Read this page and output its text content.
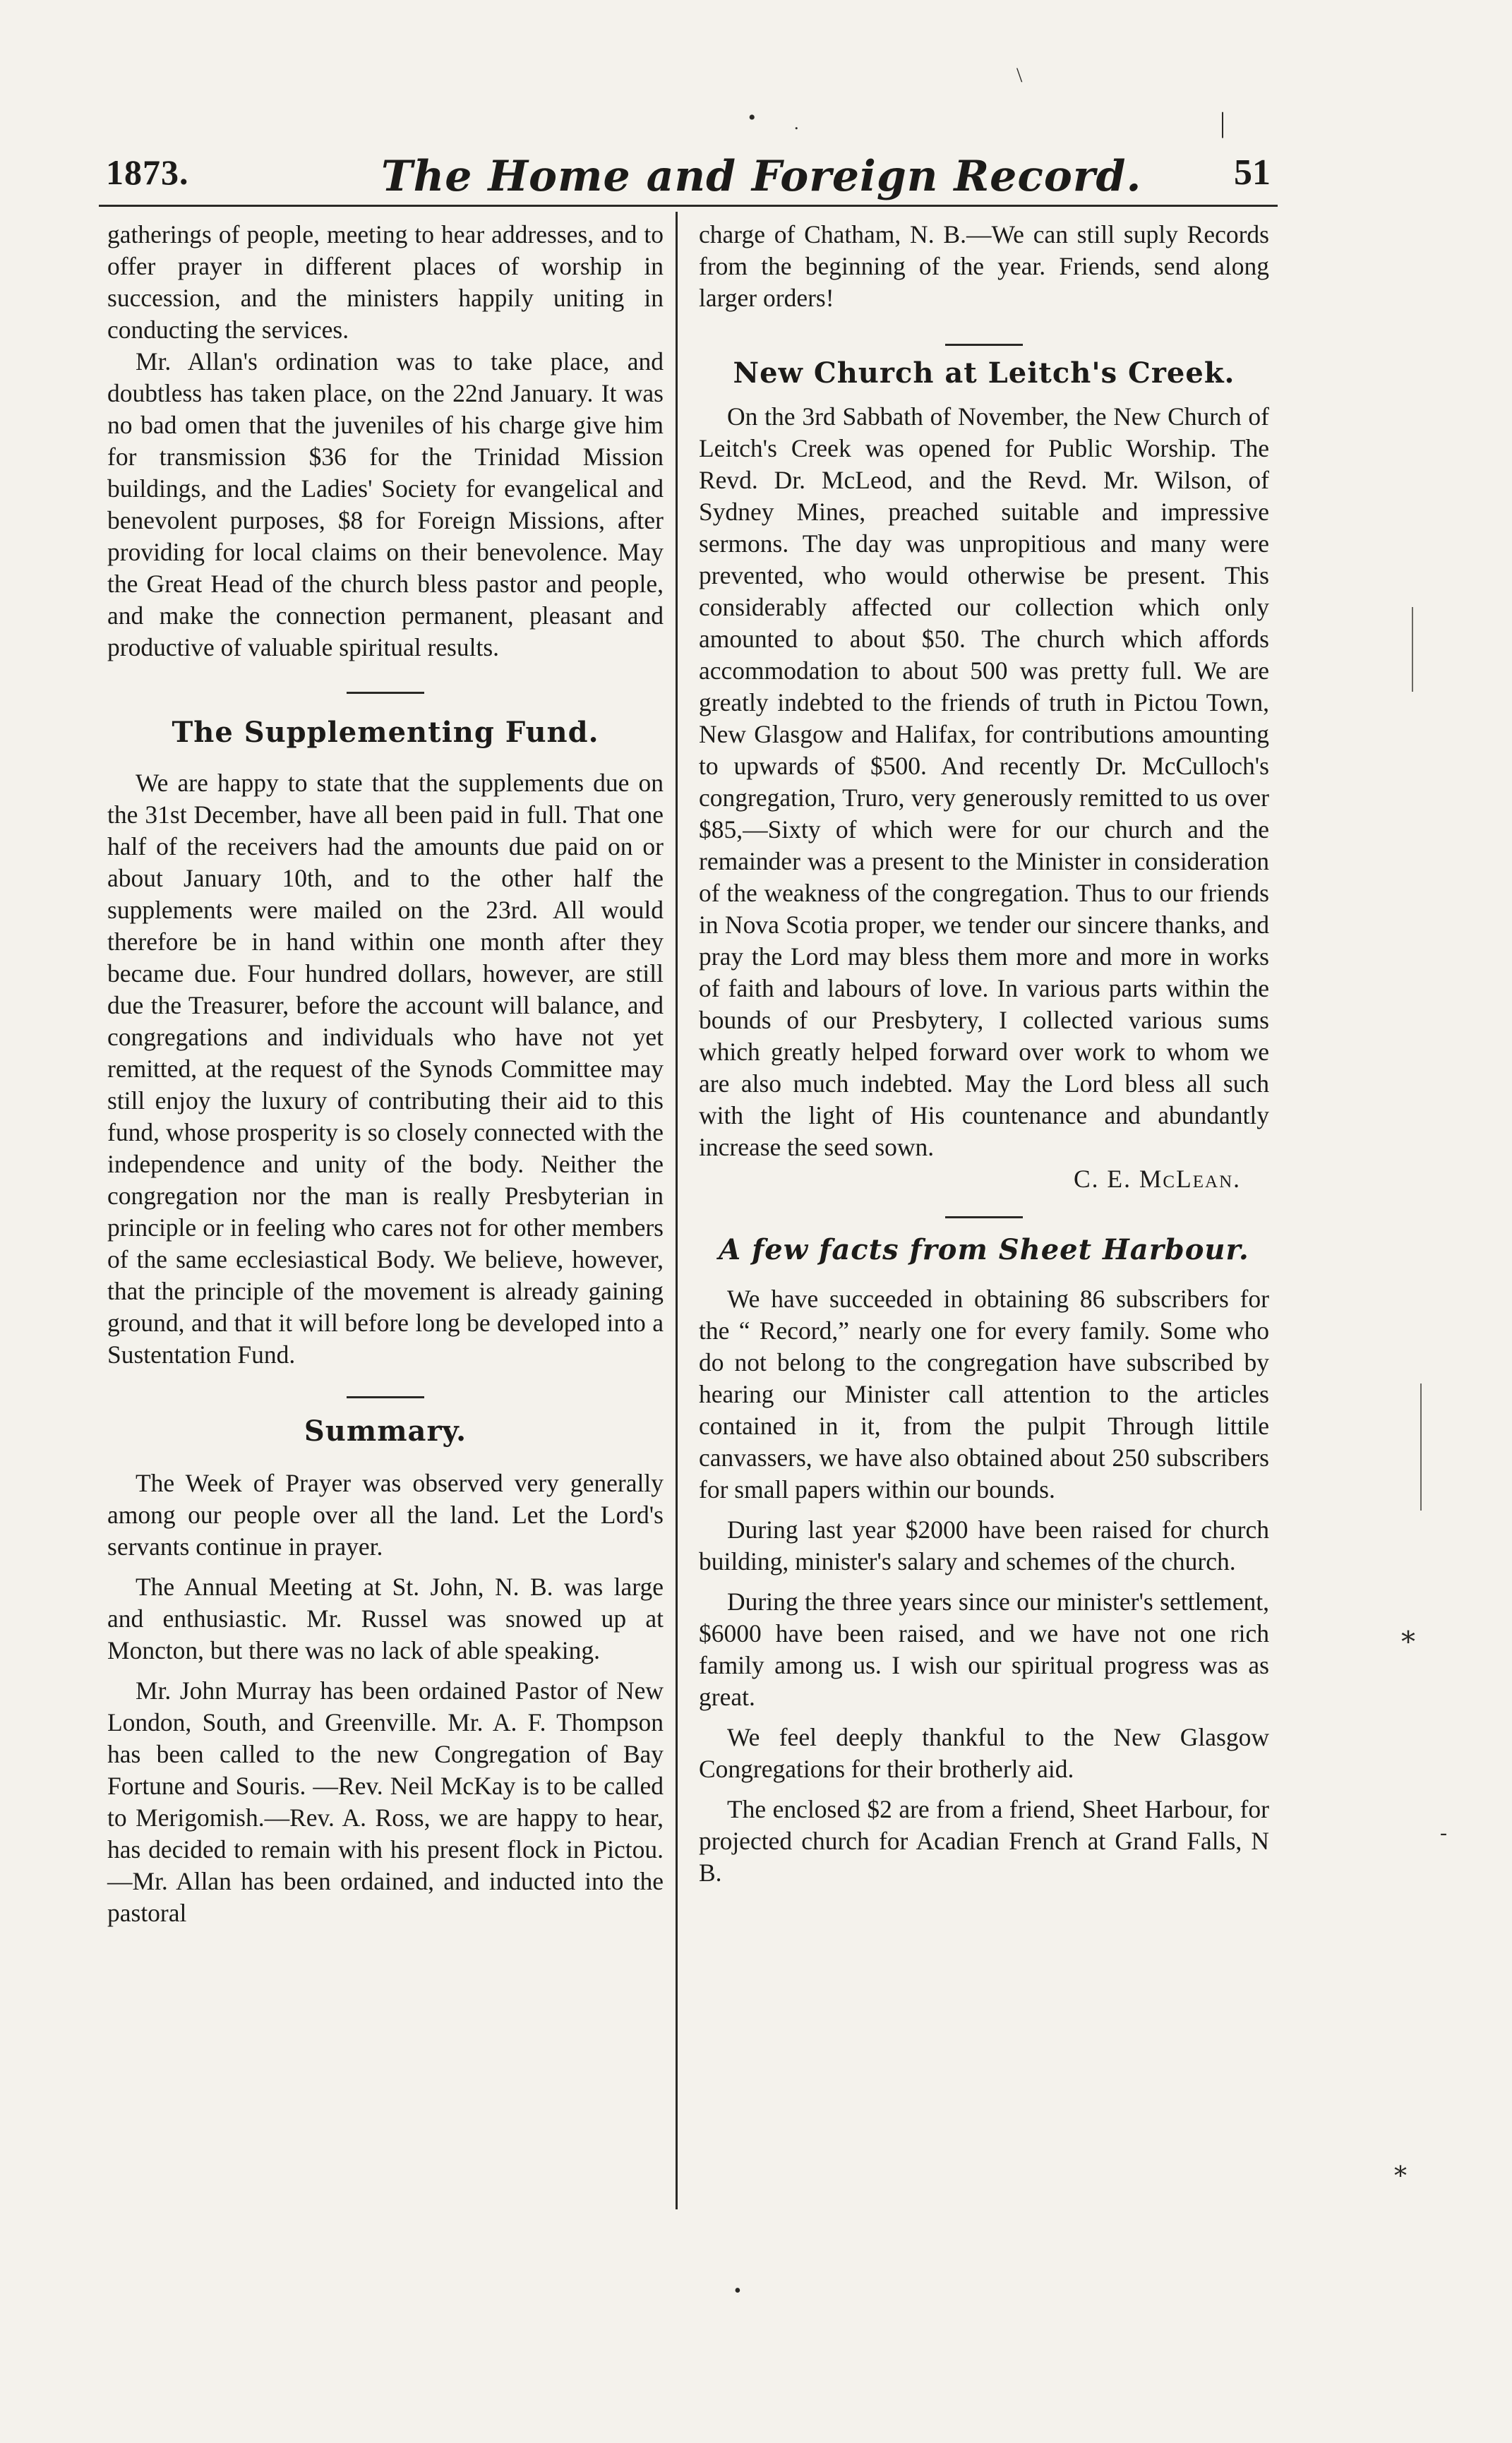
\
• .	|
⁎
-
⁎
•
1873.	The Home and Foreign Record.	51

gatherings of people, meeting to hear addresses, and to offer prayer in different places of worship in succession, and the ministers happily uniting in conducting the services.

Mr. Allan's ordination was to take place, and doubtless has taken place, on the 22nd January. It was no bad omen that the juveniles of his charge give him for transmission $36 for the Trinidad Mission buildings, and the Ladies' Society for evangelical and benevolent purposes, $8 for Foreign Missions, after providing for local claims on their benevolence. May the Great Head of the church bless pastor and people, and make the connection permanent, pleasant and productive of valuable spiritual results.

The Supplementing Fund.

We are happy to state that the supplements due on the 31st December, have all been paid in full. That one half of the receivers had the amounts due paid on or about January 10th, and to the other half the supplements were mailed on the 23rd. All would therefore be in hand within one month after they became due. Four hundred dollars, however, are still due the Treasurer, before the account will balance, and congregations and individuals who have not yet remitted, at the request of the Synods Committee may still enjoy the luxury of contributing their aid to this fund, whose prosperity is so closely connected with the independence and unity of the body. Neither the congregation nor the man is really Presbyterian in principle or in feeling who cares not for other members of the same ecclesiastical Body. We believe, however, that the principle of the movement is already gaining ground, and that it will before long be developed into a Sustentation Fund.

Summary.

The Week of Prayer was observed very generally among our people over all the land. Let the Lord's servants continue in prayer.

The Annual Meeting at St. John, N. B. was large and enthusiastic. Mr. Russel was snowed up at Moncton, but there was no lack of able speaking.

Mr. John Murray has been ordained Pastor of New London, South, and Greenville. Mr. A. F. Thompson has been called to the new Congregation of Bay Fortune and Souris. —Rev. Neil McKay is to be called to Merigomish.—Rev. A. Ross, we are happy to hear, has decided to remain with his present flock in Pictou.—Mr. Allan has been ordained, and inducted into the pastoral

charge of Chatham, N. B.—We can still suply Records from the beginning of the year. Friends, send along larger orders!

New Church at Leitch's Creek.

On the 3rd Sabbath of November, the New Church of Leitch's Creek was opened for Public Worship. The Revd. Dr. McLeod, and the Revd. Mr. Wilson, of Sydney Mines, preached suitable and impressive sermons. The day was unpropitious and many were prevented, who would otherwise be present. This considerably affected our collection which only amounted to about $50. The church which affords accommodation to about 500 was pretty full. We are greatly indebted to the friends of truth in Pictou Town, New Glasgow and Halifax, for contributions amounting to upwards of $500. And recently Dr. McCulloch's congregation, Truro, very generously remitted to us over $85,—Sixty of which were for our church and the remainder was a present to the Minister in consideration of the weakness of the congregation. Thus to our friends in Nova Scotia proper, we tender our sincere thanks, and pray the Lord may bless them more and more in works of faith and labours of love. In various parts within the bounds of our Presbytery, I collected various sums which greatly helped forward over work to whom we are also much indebted. May the Lord bless all such with the light of His countenance and abundantly increase the seed sown.

C. E. McLean.

A few facts from Sheet Harbour.

We have succeeded in obtaining 86 subscribers for the “ Record,” nearly one for every family. Some who do not belong to the congregation have subscribed by hearing our Minister call attention to the articles contained in it, from the pulpit Through littile canvassers, we have also obtained about 250 subscribers for small papers within our bounds.

During last year $2000 have been raised for church building, minister's salary and schemes of the church.

During the three years since our minister's settlement, $6000 have been raised, and we have not one rich family among us. I wish our spiritual progress was as great.

We feel deeply thankful to the New Glasgow Congregations for their brotherly aid.

The enclosed $2 are from a friend, Sheet Harbour, for projected church for Acadian French at Grand Falls, N B.
